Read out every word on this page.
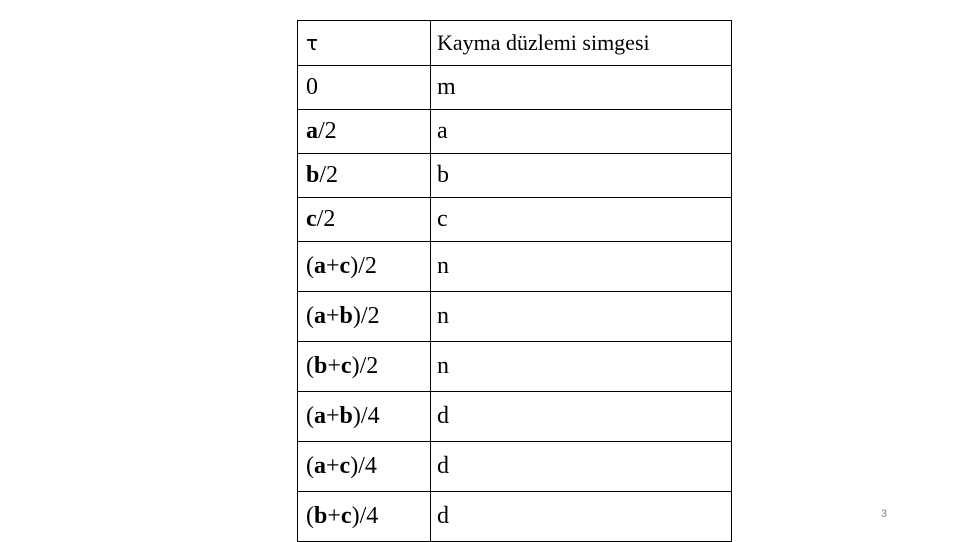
τ	Kayma düzlemi simgesi
0	m
a/2	a
b/2	b
c/2	c
(a+c)/2	n
(a+b)/2	n
(b+c)/2	n
(a+b)/4	d
(a+c)/4	d
(b+c)/4	d	3
